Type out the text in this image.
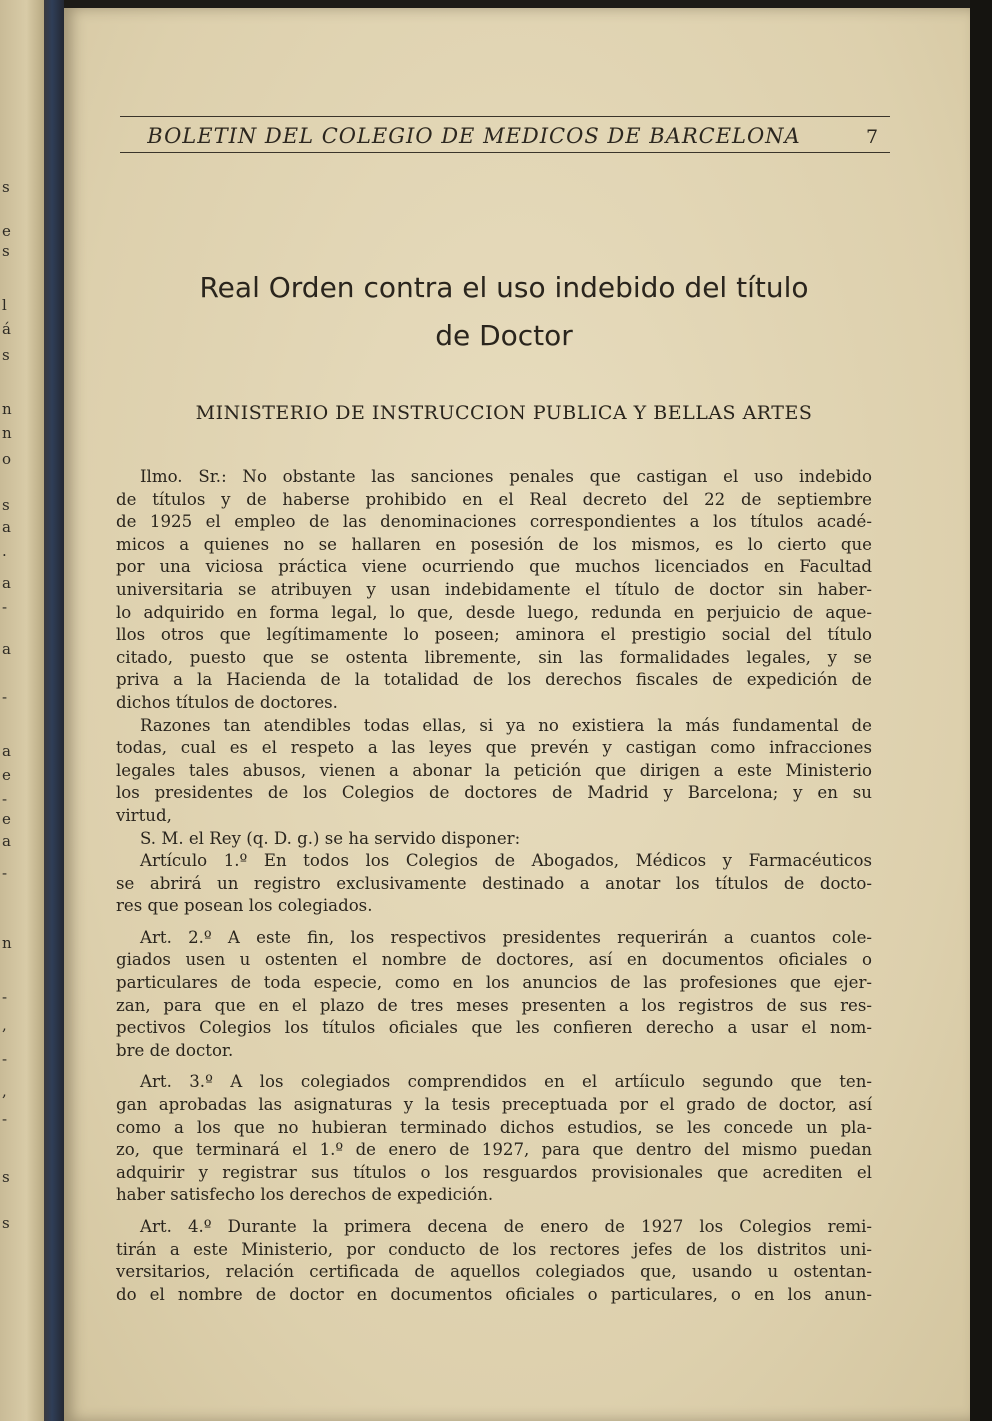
s
e
s
l
á
s
n
n
o
s
a
.
a
-
a
-
a
e
-
e
a
-
n
-
,
-
,
-
s
s
BOLETIN DEL COLEGIO DE MEDICOS DE BARCELONA	7
Real Orden contra el uso indebido del título
de Doctor
MINISTERIO DE INSTRUCCION PUBLICA Y BELLAS ARTES
Ilmo. Sr.: No obstante las sanciones penales que castigan el uso indebido
de títulos y de haberse prohibido en el Real decreto del 22 de septiembre
de 1925 el empleo de las denominaciones correspondientes a los títulos acadé-
micos a quienes no se hallaren en posesión de los mismos, es lo cierto que
por una viciosa práctica viene ocurriendo que muchos licenciados en Facultad
universitaria se atribuyen y usan indebidamente el título de doctor sin haber-
lo adquirido en forma legal, lo que, desde luego, redunda en perjuicio de aque-
llos otros que legítimamente lo poseen; aminora el prestigio social del título
citado, puesto que se ostenta libremente, sin las formalidades legales, y se
priva a la Hacienda de la totalidad de los derechos fiscales de expedición de
dichos títulos de doctores.
Razones tan atendibles todas ellas, si ya no existiera la más fundamental de
todas, cual es el respeto a las leyes que prevén y castigan como infracciones
legales tales abusos, vienen a abonar la petición que dirigen a este Ministerio
los presidentes de los Colegios de doctores de Madrid y Barcelona; y en su
virtud,
S. M. el Rey (q. D. g.) se ha servido disponer:
Artículo 1.º En todos los Colegios de Abogados, Médicos y Farmacéuticos
se abrirá un registro exclusivamente destinado a anotar los títulos de docto-
res que posean los colegiados.
Art. 2.º A este fin, los respectivos presidentes requerirán a cuantos cole-
giados usen u ostenten el nombre de doctores, así en documentos oficiales o
particulares de toda especie, como en los anuncios de las profesiones que ejer-
zan, para que en el plazo de tres meses presenten a los registros de sus res-
pectivos Colegios los títulos oficiales que les confieren derecho a usar el nom-
bre de doctor.
Art. 3.º A los colegiados comprendidos en el artíiculo segundo que ten-
gan aprobadas las asignaturas y la tesis preceptuada por el grado de doctor, así
como a los que no hubieran terminado dichos estudios, se les concede un pla-
zo, que terminará el 1.º de enero de 1927, para que dentro del mismo puedan
adquirir y registrar sus títulos o los resguardos provisionales que acrediten el
haber satisfecho los derechos de expedición.
Art. 4.º Durante la primera decena de enero de 1927 los Colegios remi-
tirán a este Ministerio, por conducto de los rectores jefes de los distritos uni-
versitarios, relación certificada de aquellos colegiados que, usando u ostentan-
do el nombre de doctor en documentos oficiales o particulares, o en los anun-
